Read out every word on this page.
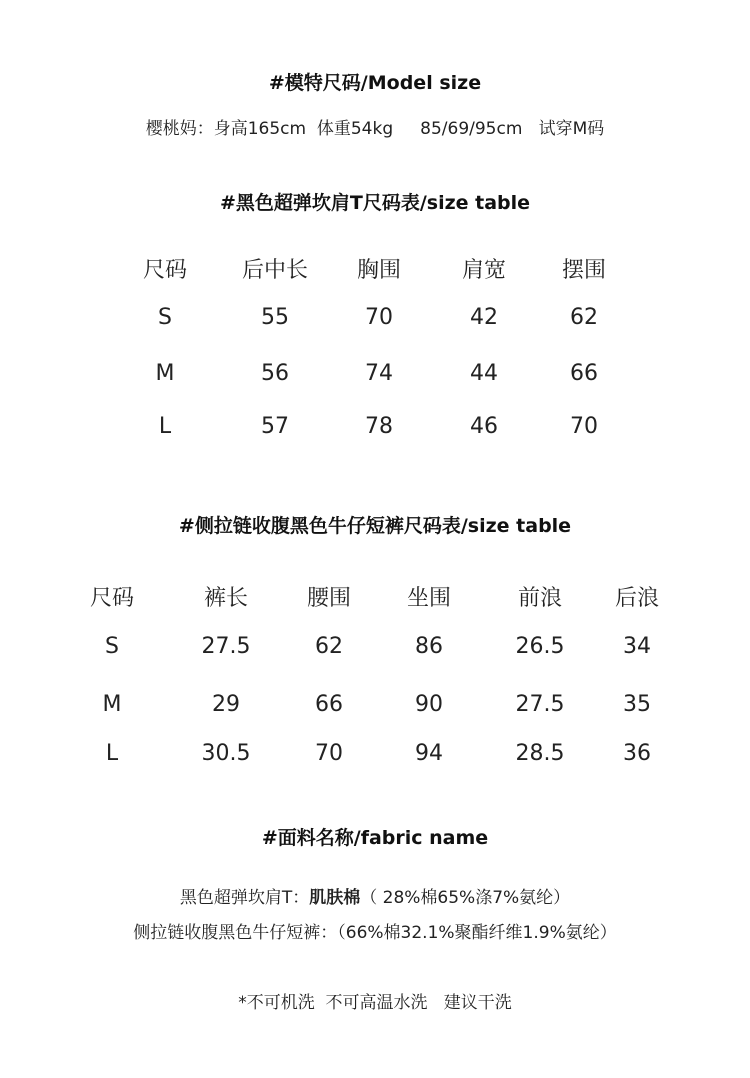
#模特尺码/Model size
樱桃妈：身高165cm  体重54kg     85/69/95cm   试穿M码
#黑色超弹坎肩T尺码表/size table
尺码 后中长 胸围	肩宽	摆围
S	55	70	42	62
M	56	74	44	66
L	57	78	46	70
#侧拉链收腹黑色牛仔短裤尺码表/size table
尺码	裤长	腰围	坐围	前浪 后浪
S	27.5	62	86	26.5	34
M	29	66	90	27.5	35
L	30.5	70	94	28.5	36
#面料名称/fabric name
黑色超弹坎肩T：肌肤棉（ 28%棉65%涤7%氨纶）
侧拉链收腹黑色牛仔短裤：（66%棉32.1%聚酯纤维1.9%氨纶）
*不可机洗  不可高温水洗   建议干洗
